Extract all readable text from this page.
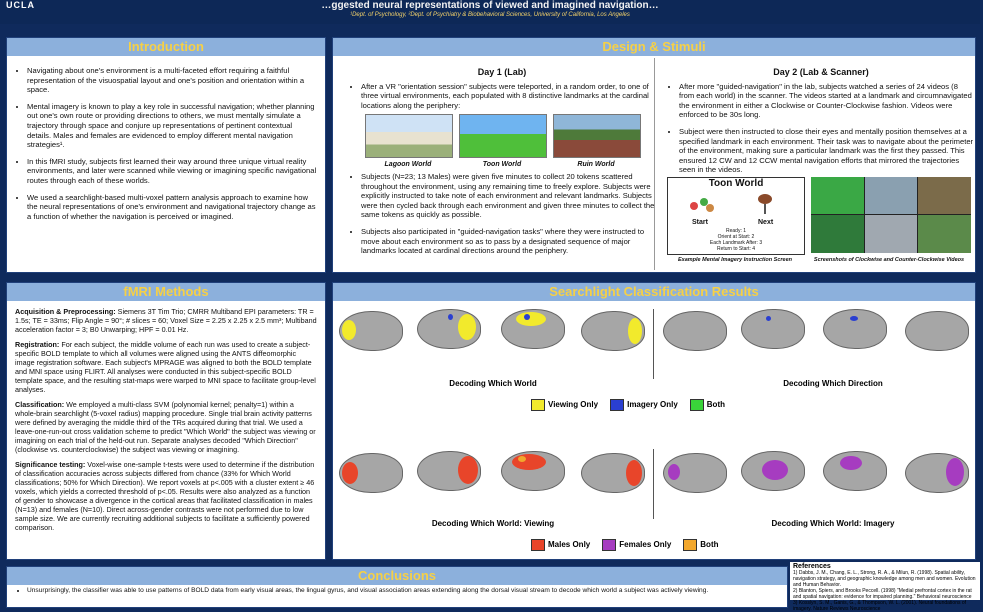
UCLA	…ggested neural representations of viewed and imagined navigation…
¹Dept. of Psychology, ²Dept. of Psychiatry & Biobehavioral Sciences, University of California, Los Angeles
Introduction
• Navigating about one's environment is a multi-faceted effort requiring a faithful representation of the visuospatial layout and one's position and orientation within a space.
• Mental imagery is known to play a key role in successful navigation; whether planning out one's own route or providing directions to others, we must mentally simulate a trajectory through space and conjure up representations of pertinent contextual details. Males and females are evidenced to employ different mental navigation strategies¹.
• In this fMRI study, subjects first learned their way around three unique virtual reality environments, and later were scanned while viewing or imagining specific navigational routes through each of these worlds.
• We used a searchlight-based multi-voxel pattern analysis approach to examine how the neural representations of one's environment and navigational trajectory change as a function of whether the navigation is perceived or imagined.
Design & Stimuli
Day 1 (Lab)
• After a VR "orientation session" subjects were teleported, in a random order, to one of three virtual environments, each populated with 8 distinctive landmarks at the cardinal locations along the periphery:
Lagoon World	Toon World	Ruin World
• Subjects (N=23; 13 Males) were given five minutes to collect 20 tokens scattered throughout the environment, using any remaining time to freely explore. Subjects were explicitly instructed to take note of each environment and relevant landmarks. Subjects were then cycled back through each environment and given three minutes to collect the same tokens as quickly as possible.
• Subjects also participated in "guided-navigation tasks" where they were instructed to move about each environment so as to pass by a designated sequence of major landmarks located at cardinal directions around the periphery.
Day 2 (Lab & Scanner)
• After more "guided-navigation" in the lab, subjects watched a series of 24 videos (8 from each world) in the scanner. The videos started at a landmark and circumnavigated the environment in either a Clockwise or Counter-Clockwise fashion. Videos were enforced to be 30s long.
• Subject were then instructed to close their eyes and mentally position themselves at a specified landmark in each environment. Their task was to navigate about the perimeter of the environment, making sure a particular landmark was the first they passed. This ensured 12 CW and 12 CCW mental navigation efforts that mirrored the trajectories seen in the videos.
Toon World
Start	Next
Ready: 1
Orient at Start: 2
Each Landmark After: 3
Return to Start: 4
Example Mental Imagery Instruction Screen	Screenshots of Clockwise and Counter-Clockwise Videos
fMRI Methods

Acquisition & Preprocessing: Siemens 3T Tim Trio; CMRR Multiband EPI parameters: TR = 1.5s; TE = 33ms; Flip Angle = 90°; # slices = 60; Voxel Size = 2.25 x 2.25 x 2.5 mm³; Multiband acceleration factor = 3; B0 Unwarping; HPF = 0.01 Hz.

Registration: For each subject, the middle volume of each run was used to create a subject-specific BOLD template to which all volumes were aligned using the ANTS diffeomorphic image registration software. Each subject's MPRAGE was aligned to both the BOLD template and MNI space using FLIRT. All analyses were conducted in this subject-specific BOLD template space, and the resulting stat-maps were warped to MNI space to facilitate group-level analyses.

Classification: We employed a multi-class SVM (polynomial kernel; penalty=1) within a whole-brain searchlight (5-voxel radius) mapping procedure. Single trial brain activity patterns were defined by averaging the middle third of the TRs acquired during that trial. We used a leave-one-run-out cross validation scheme to predict "Which World" the subject was viewing or imagining on each trial of the held-out run. Separate analyses decoded "Which Direction" (clockwise vs. counterclockwise) the subject was viewing or imagining.

Significance testing: Voxel-wise one-sample t-tests were used to determine if the distribution of classification accuracies across subjects differed from chance (33% for Which World classifications; 50% for Which Direction). We report voxels at p<.005 with a cluster extent ≥ 46 voxels, which yields a corrected threshold of p<.05. Results were also analyzed as a function of gender to showcase a divergence in the cortical areas that facilitated classification in males (N=13) and females (N=10). Direct across-gender contrasts were not performed due to low sample size. We are currently recruiting additional subjects to facilitate a sufficiently powered comparison.

Searchlight Classification Results
Decoding Which World	Decoding Which Direction
Viewing Only	Imagery Only	Both
Decoding Which World: Viewing	Decoding Which World: Imagery
Males Only	Females Only	Both
Conclusions
• Unsurprisingly, the classifier was able to use patterns of BOLD data from early visual areas, the lingual gyrus, and visual association areas extending along the dorsal visual stream to decode which world a subject was actively viewing.
References
1) Dabbs, J. M., Chang, E. L., Strong, R. A., & Milun, R. (1998). Spatial ability, navigation strategy, and geographic knowledge among men and women. Evolution and Human Behavior.
2) Blanton, Spiers, and Brooks Peccell. (1998) "Medial prefrontal cortex in the rat and spatial navigation: evidence for impaired planning." Behavioral neuroscience
3) Kosslyn, S. M., Ganis, G., & Thompson, W. L. (2001). Neural foundations of imagery. Nature Reviews Neuroscience
